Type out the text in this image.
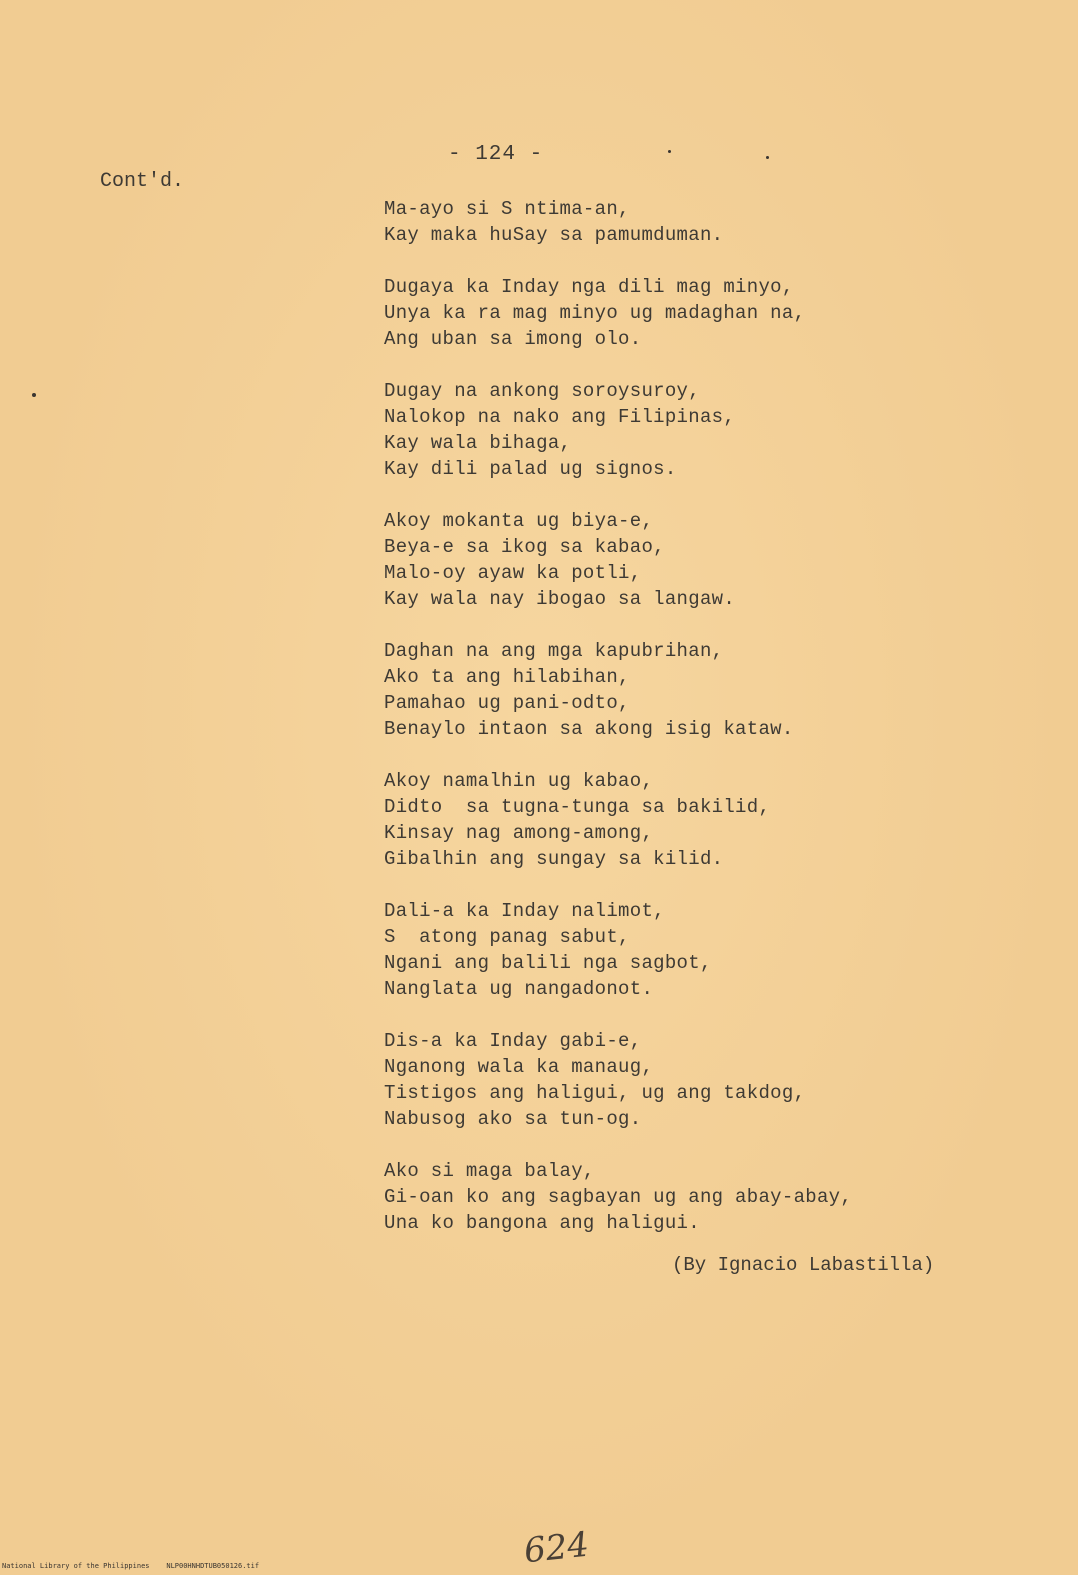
- 124 -
Cont'd.
Ma-ayo si S ntima-an,
Kay maka huSay sa pamumduman.
Dugaya ka Inday nga dili mag minyo,
Unya ka ra mag minyo ug madaghan na,
Ang uban sa imong olo.
Dugay na ankong soroysuroy,
Nalokop na nako ang Filipinas,
Kay wala bihaga,
Kay dili palad ug signos.
Akoy mokanta ug biya-e,
Beya-e sa ikog sa kabao,
Malo-oy ayaw ka potli,
Kay wala nay ibogao sa langaw.
Daghan na ang mga kapubrihan,
Ako ta ang hilabihan,
Pamahao ug pani-odto,
Benaylo intaon sa akong isig kataw.
Akoy namalhin ug kabao,
Didto  sa tugna-tunga sa bakilid,
Kinsay nag among-among,
Gibalhin ang sungay sa kilid.
Dali-a ka Inday nalimot,
S  atong panag sabut,
Ngani ang balili nga sagbot,
Nanglata ug nangadonot.
Dis-a ka Inday gabi-e,
Nganong wala ka manaug,
Tistigos ang haligui, ug ang takdog,
Nabusog ako sa tun-og.
Ako si maga balay,
Gi-oan ko ang sagbayan ug ang abay-abay,
Una ko bangona ang haligui.
(By Ignacio Labastilla)
624
National Library of the Philippines    NLP00HNHDTUB050126.tif
